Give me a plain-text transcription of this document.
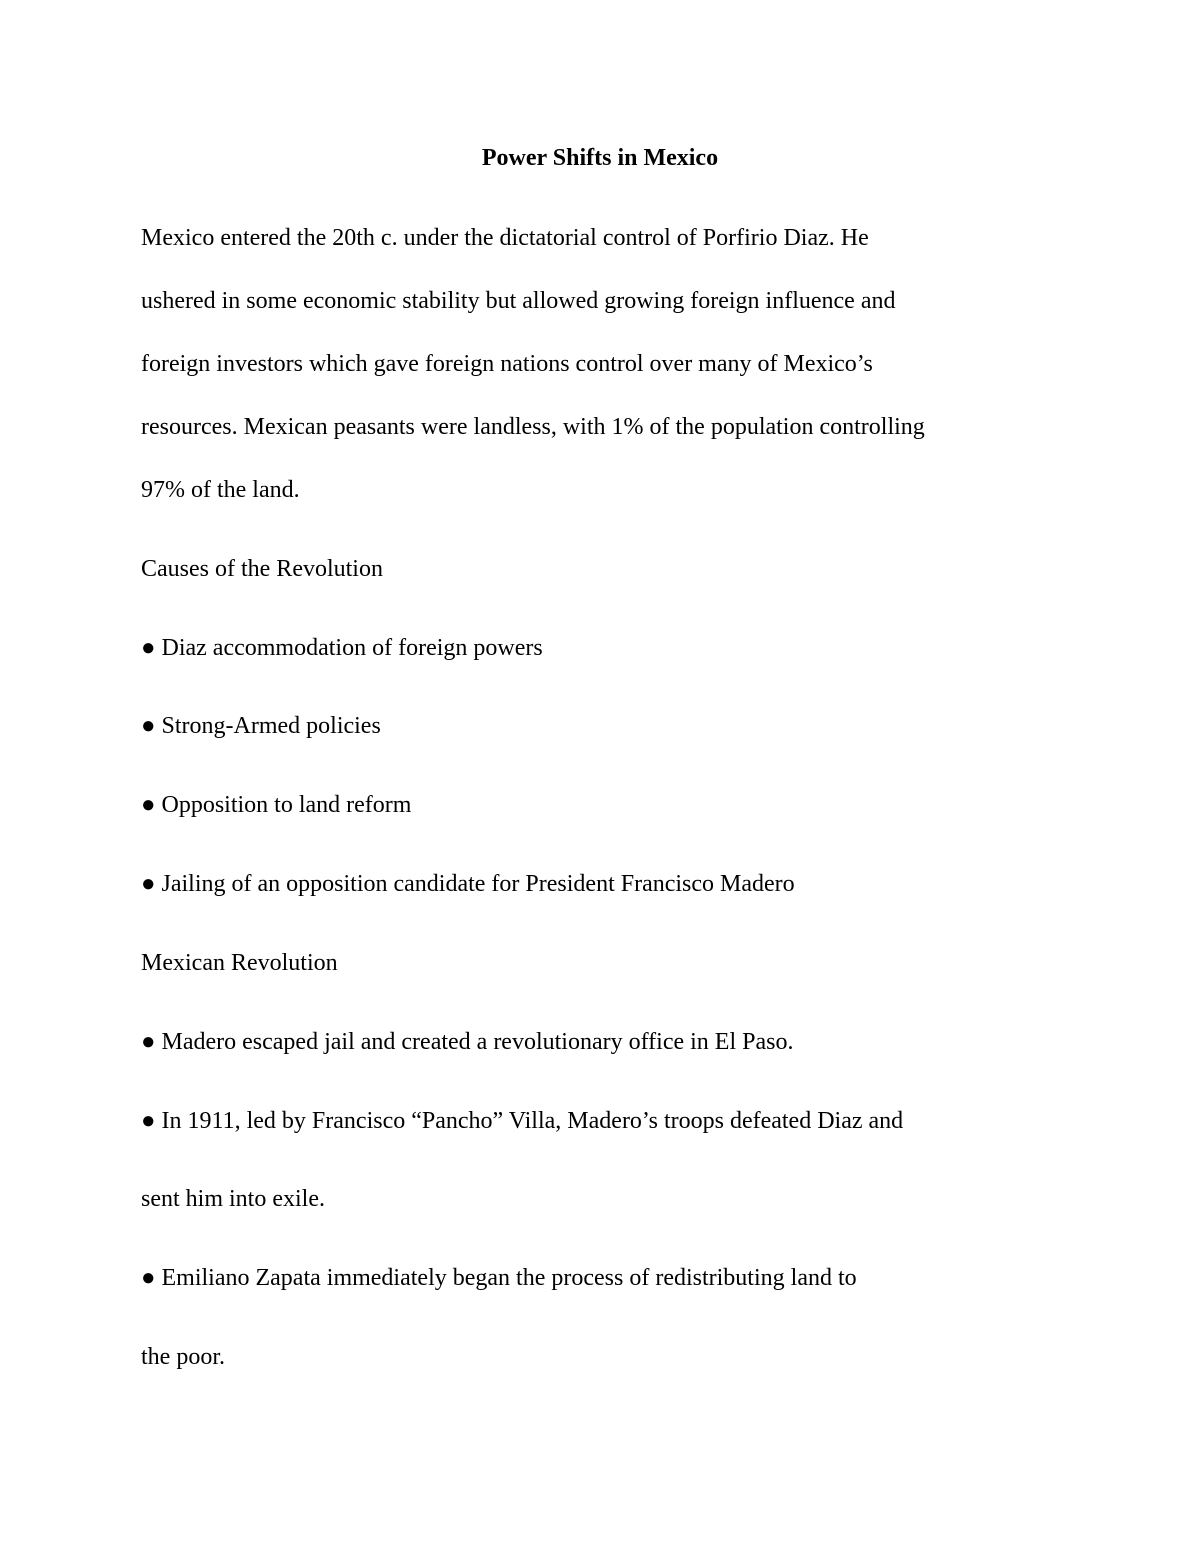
Power Shifts in Mexico

Mexico entered the 20th c. under the dictatorial control of Porfirio Diaz. He

ushered in some economic stability but allowed growing foreign influence and

foreign investors which gave foreign nations control over many of Mexico’s

resources. Mexican peasants were landless, with 1% of the population controlling

97% of the land.

Causes of the Revolution

● Diaz accommodation of foreign powers

● Strong-Armed policies

● Opposition to land reform

● Jailing of an opposition candidate for President Francisco Madero

Mexican Revolution

● Madero escaped jail and created a revolutionary office in El Paso.

● In 1911, led by Francisco “Pancho” Villa, Madero’s troops defeated Diaz and

sent him into exile.

● Emiliano Zapata immediately began the process of redistributing land to

the poor.
